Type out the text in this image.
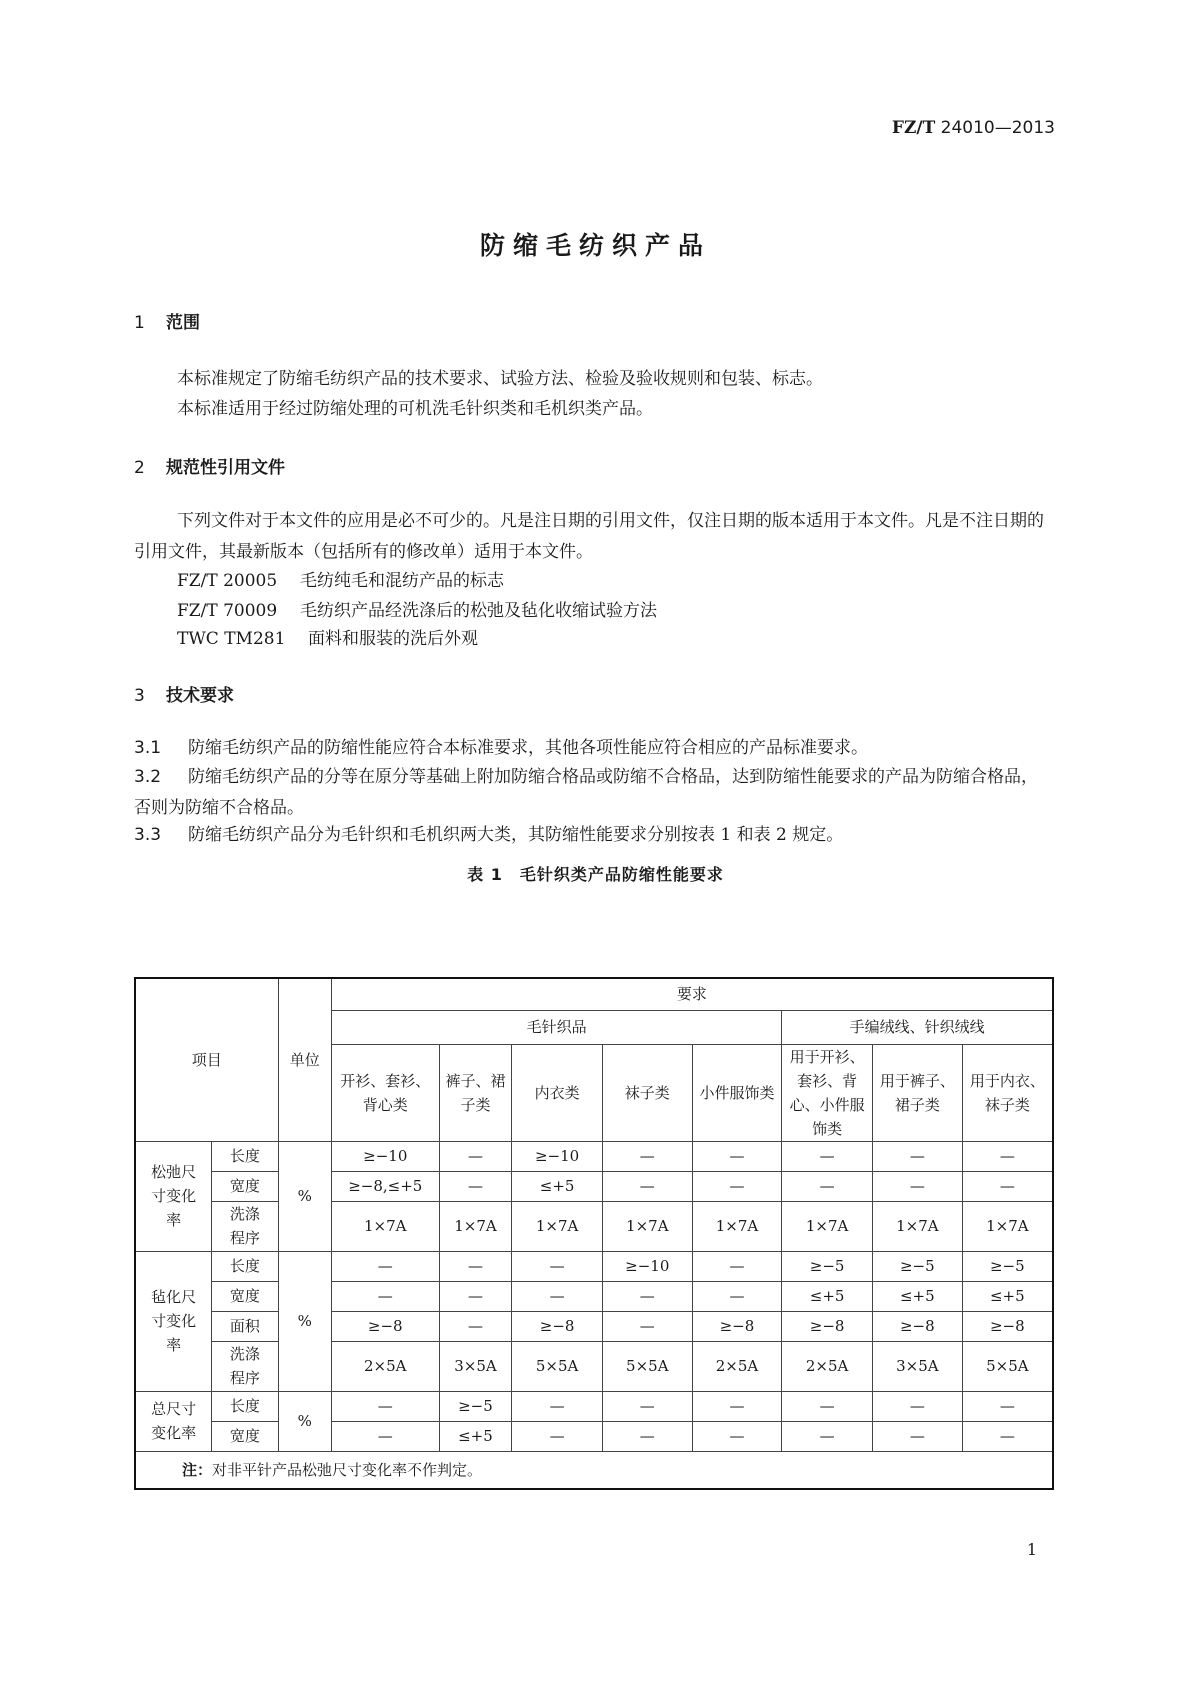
FZ/T 24010—2013
防缩毛纺织产品
1 范围
本标准规定了防缩毛纺织产品的技术要求、试验方法、检验及验收规则和包装、标志。
本标准适用于经过防缩处理的可机洗毛针织类和毛机织类产品。
2 规范性引用文件
下列文件对于本文件的应用是必不可少的。凡是注日期的引用文件，仅注日期的版本适用于本文件。凡是不注日期的引用文件，其最新版本（包括所有的修改单）适用于本文件。
FZ/T 20005 毛纺纯毛和混纺产品的标志
FZ/T 70009 毛纺织产品经洗涤后的松弛及毡化收缩试验方法
TWC TM281 面料和服装的洗后外观
3 技术要求
3.1 防缩毛纺织产品的防缩性能应符合本标准要求，其他各项性能应符合相应的产品标准要求。
3.2 防缩毛纺织产品的分等在原分等基础上附加防缩合格品或防缩不合格品，达到防缩性能要求的产品为防缩合格品，否则为防缩不合格品。
3.3 防缩毛纺织产品分为毛针织和毛机织两大类，其防缩性能要求分别按表 1 和表 2 规定。
表 1　毛针织类产品防缩性能要求
项目		单位	要求							
			毛针织品					手编绒线、针织绒线		
			开衫、套衫、背心类	裤子、裙子类	内衣类	袜子类	小件服饰类	用于开衫、套衫、背心、小件服饰类	用于裤子、裙子类	用于内衣、袜子类
松弛尺寸变化率	长度	%	≥−10	—	≥−10	—	—	—	—	—
	宽度		≥−8,≤+5	—	≤+5	—	—	—	—	—
	洗涤程序		1×7A	1×7A	1×7A	1×7A	1×7A	1×7A	1×7A	1×7A
毡化尺寸变化率	长度	%	—	—	—	≥−10	—	≥−5	≥−5	≥−5
	宽度		—	—	—	—	—	≤+5	≤+5	≤+5
	面积		≥−8	—	≥−8	—	≥−8	≥−8	≥−8	≥−8
	洗涤程序		2×5A	3×5A	5×5A	5×5A	2×5A	2×5A	3×5A	5×5A
总尺寸变化率	长度	%	—	≥−5	—	—	—	—	—	—
	宽度		—	≤+5	—	—	—	—	—	—
注：对非平针产品松弛尺寸变化率不作判定。										
1
